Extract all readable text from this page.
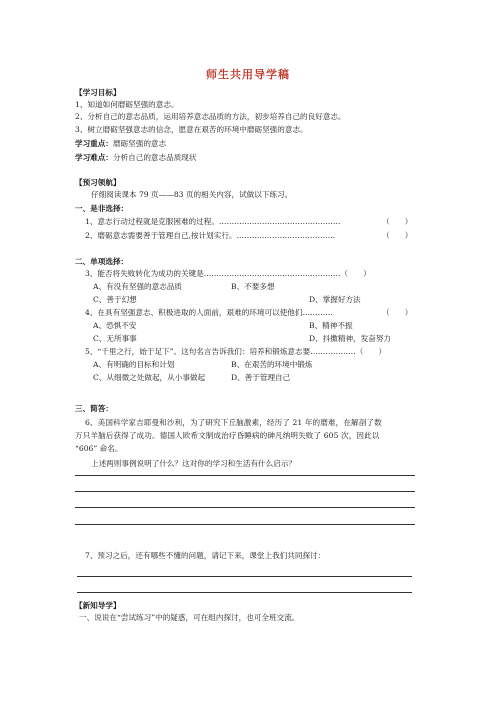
师生共用导学稿
【学习目标】
1、知道如何磨砺坚强的意志。
2、分析自己的意志品质，运用培养意志品质的方法，初步培养自己的良好意志。
3、树立磨砺坚强意志的信念，愿意在艰苦的环境中磨砺坚强的意志。
学习重点：磨砺坚强的意志
学习难点：分析自己的意志品质现状
【预习领航】
仔细阅读课本 79 页——83 页的相关内容，试做以下练习。
一、是非选择：
1、意志行动过程就是克服困难的过程。…………………………………………	（　　）
2、磨砺意志需要善于管理自己,按计划实行。…………………………………	（　　）
二、单项选择：
3、能否将失败转化为成功的关键是………………………………………………（　　）
A、有没有坚强的意志品质	B、不要多想
C、善于幻想	D、掌握好方法
4、在具有坚强意志、积极进取的人面前，艰难的环境可以使他们…………	（　　）
A、恐惧不安	B、精神不振
C、无所事事	D、抖擞精神，发奋努力
5、“千里之行，始于足下”。这句名言告诉我们：培养和锻炼意志要………………（　　）
A、有明确的目标和计划	B、在艰苦的环境中锻炼
C、从细微之处做起，从小事做起	D、善于管理自己
三、简答：
6、美国科学家吉耶曼和沙利，为了研究下丘脑激素，经历了 21 年的磨难，在解剖了数
万只羊脑后获得了成功。德国人欧希文制成治疗昏睡病的砷凡纳明失败了 605 次，因此以
“606” 命名。
上述两则事例说明了什么？这对你的学习和生活有什么启示？
7、预习之后，还有哪些不懂的问题，请记下来，课堂上我们共同探讨：
【新知导学】
一、说说在“尝试练习”中的疑惑，可在组内探讨，也可全班交流。
